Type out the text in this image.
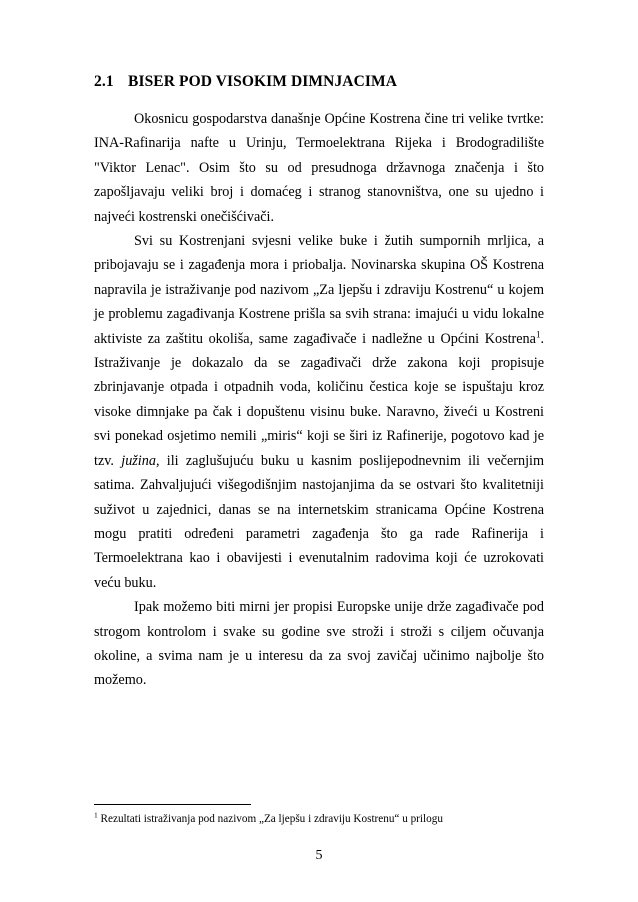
2.1 BISER POD VISOKIM DIMNJACIMA

Okosnicu gospodarstva današnje Općine Kostrena čine tri velike tvrtke: INA-Rafinarija nafte u Urinju, Termoelektrana Rijeka i Brodogradilište "Viktor Lenac". Osim što su od presudnoga državnoga značenja i što zapošljavaju veliki broj i domaćeg i stranog stanovništva, one su ujedno i najveći kostrenski onečišćivači.

Svi su Kostrenjani svjesni velike buke i žutih sumpornih mrljica, a pribojavaju se i zagađenja mora i priobalja. Novinarska skupina OŠ Kostrena napravila je istraživanje pod nazivom „Za ljepšu i zdraviju Kostrenu“ u kojem je problemu zagađivanja Kostrene prišla sa svih strana: imajući u vidu lokalne aktiviste za zaštitu okoliša, same zagađivače i nadležne u Općini Kostrena$^1$. Istraživanje je dokazalo da se zagađivači drže zakona koji propisuje zbrinjavanje otpada i otpadnih voda, količinu čestica koje se ispuštaju kroz visoke dimnjake pa čak i dopuštenu visinu buke. Naravno, živeći u Kostreni svi ponekad osjetimo nemili „miris“ koji se širi iz Rafinerije, pogotovo kad je tzv. južina, ili zaglušujuću buku u kasnim poslijepodnevnim ili večernjim satima. Zahvaljujući višegodišnjim nastojanjima da se ostvari što kvalitetniji suživot u zajednici, danas se na internetskim stranicama Općine Kostrena mogu pratiti određeni parametri zagađenja što ga rade Rafinerija i Termoelektrana kao i obavijesti i evenutalnim radovima koji će uzrokovati veću buku.

Ipak možemo biti mirni jer propisi Europske unije drže zagađivače pod strogom kontrolom i svake su godine sve stroži i stroži s ciljem očuvanja okoline, a svima nam je u interesu da za svoj zavičaj učinimo najbolje što možemo.

$^1$ Rezultati istraživanja pod nazivom „Za ljepšu i zdraviju Kostrenu“ u prilogu
5
